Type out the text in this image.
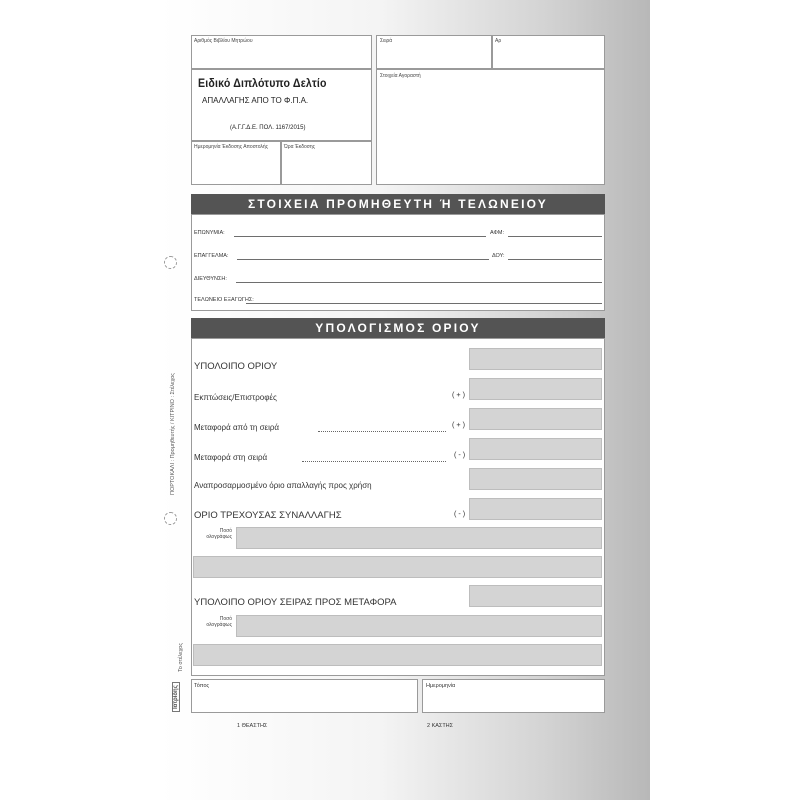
Αριθμός Βιβλίου Μητρώου	Σειρά	Αρ
Ειδικό Διπλότυπο Δελτίο
ΑΠΑΛΛΑΓΗΣ ΑΠΟ ΤΟ Φ.Π.Α.
(Α.Γ.Γ.Δ.Ε. ΠΟΛ. 1167/2015)
Στοιχεία Αγοραστή
Ημερομηνία Έκδοσης Αποστολής	Ώρα Έκδοσης
ΣΤΟΙΧΕΙΑ ΠΡΟΜΗΘΕΥΤΗ Ή ΤΕΛΩΝΕΙΟΥ
ΕΠΩΝΥΜΙΑ:	ΑΦΜ:
ΕΠΑΓΓΕΛΜΑ:	ΔΟΥ:
ΔΙΕΥΘΥΝΣΗ:
ΤΕΛΩΝΕΙΟ ΕΞΑΓΩΓΗΣ:
ΥΠΟΛΟΓΙΣΜΟΣ ΟΡΙΟΥ
ΥΠΟΛΟΙΠΟ ΟΡΙΟΥ
Εκπτώσεις/Επιστροφές	( + )
Μεταφορά από τη σειρά	( + )
Μεταφορά στη σειρά	( - )
Αναπροσαρμοσμένο όριο απαλλαγής προς χρήση
ΟΡΙΟ ΤΡΕΧΟΥΣΑΣ ΣΥΝΑΛΛΑΓΗΣ	( - )
Ποσό ολογράφως
ΥΠΟΛΟΙΠΟ ΟΡΙΟΥ ΣΕΙΡΑΣ ΠΡΟΣ ΜΕΤΑΦΟΡΑ
Ποσό ολογράφως
Τόπος	Ημερομηνία
1 ΘΕΑΣΤΗΣ	2 ΚΑΣΤΗΣ
ΠΟΡΤΟΚΑΛΙ : Προμηθευτής / ΚΙΤΡΙΝΟ : Στέλεχος
Το στέλεχος
Ιατρίδης
